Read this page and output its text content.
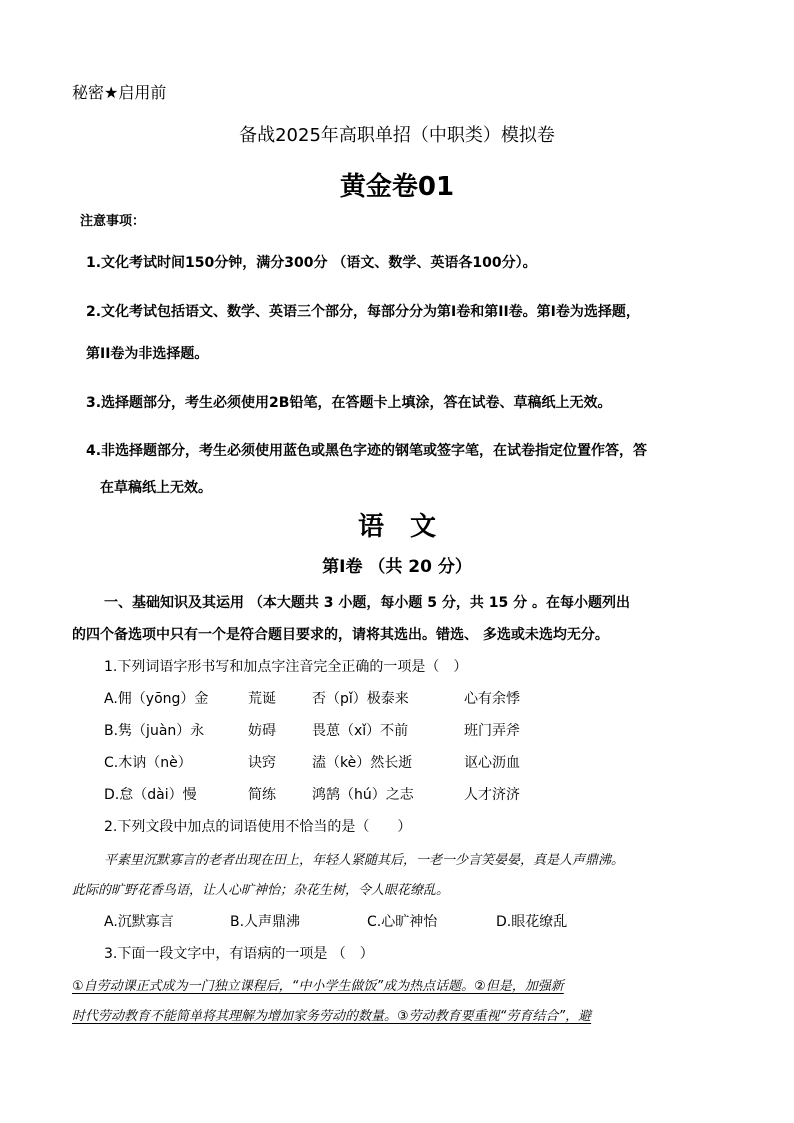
秘密★启用前
备战2025年高职单招（中职类）模拟卷
黄金卷01
注意事项：
1.文化考试时间150分钟，满分300分 （语文、数学、英语各100分）。
2.文化考试包括语文、数学、英语三个部分，每部分分为第I卷和第II卷。第I卷为选择题，
第II卷为非选择题。
3.选择题部分，考生必须使用2B铅笔，在答题卡上填涂，答在试卷、草稿纸上无效。
4.非选择题部分，考生必须使用蓝色或黑色字迹的钢笔或签字笔，在试卷指定位置作答，答
在草稿纸上无效。
语　文
第I卷 （共 20 分）
一、基础知识及其运用 （本大题共 3 小题，每小题 5 分，共 15 分 。在每小题列出
的四个备选项中只有一个是符合题目要求的，请将其选出。错选、 多选或未选均无分。
1.下列词语字形书写和加点字注音完全正确的一项是（　）
A.佣（yōng）金	荒诞	否（pǐ）极泰来	心有余悸
B.隽（juàn）永	妨碍	畏葸（xǐ）不前	班门弄斧
C.木讷（nè）	诀窍	溘（kè）然长逝	讴心沥血
D.怠（dài）慢	简练	鸿鹄（hú）之志	人才济济
2.下列文段中加点的词语使用不恰当的是（　　）
平素里沉默寡言的老者出现在田上，年轻人紧随其后，一老一少言笑晏晏，真是人声鼎沸。
此际的旷野花香鸟语，让人心旷神怡；杂花生树，令人眼花缭乱。
A.沉默寡言	B.人声鼎沸	C.心旷神怡	D.眼花缭乱
3.下面一段文字中，有语病的一项是 （　）
①自劳动课正式成为一门独立课程后，“中小学生做饭”成为热点话题。②但是，加强新
时代劳动教育不能简单将其理解为增加家务劳动的数量。③劳动教育要重视“劳育结合”，避
